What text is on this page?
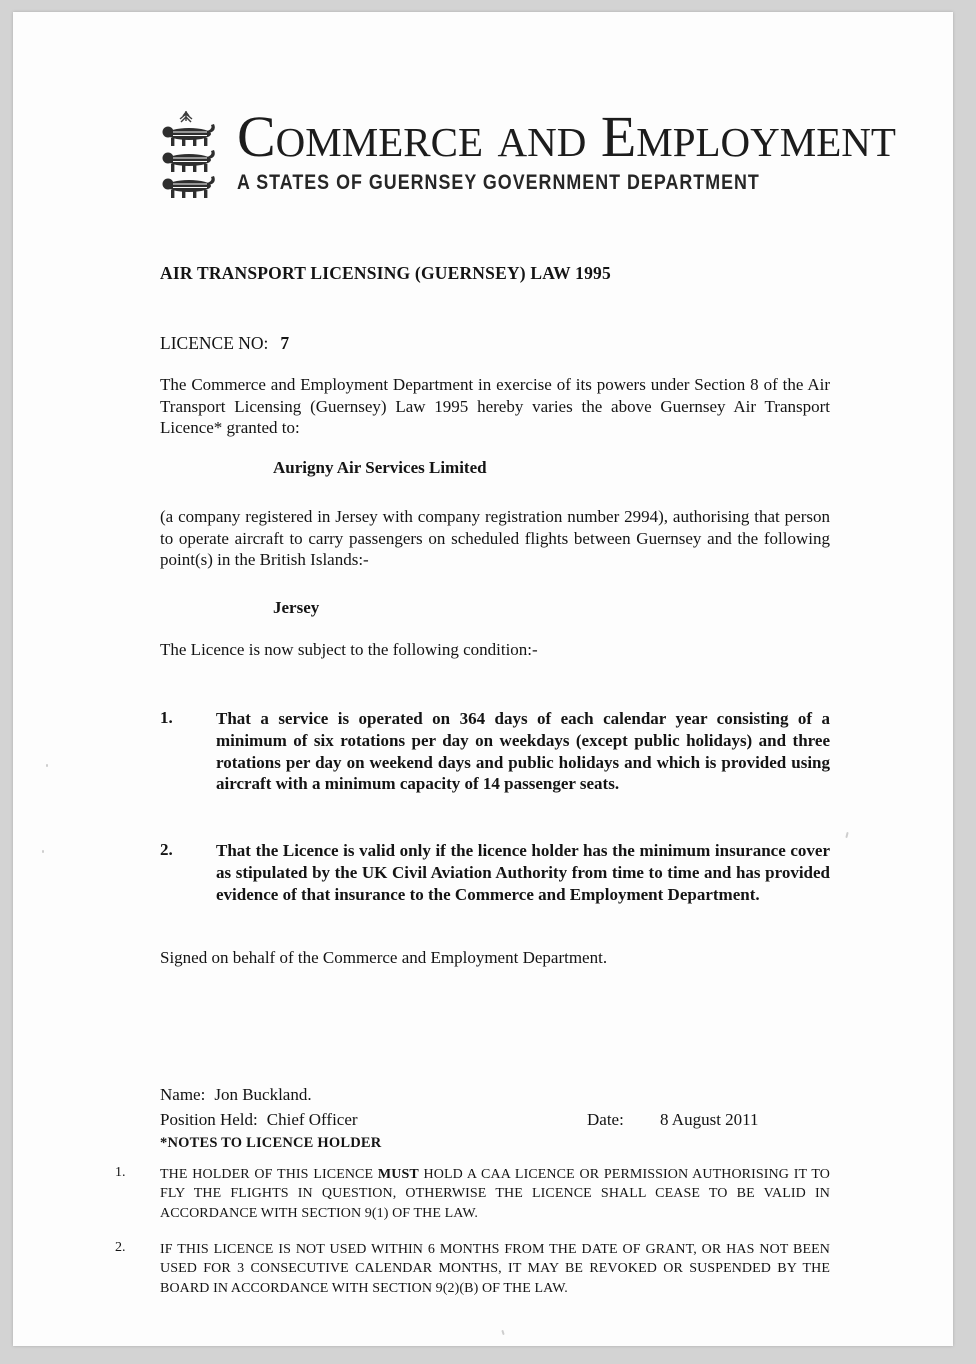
Commerce and Employment
A STATES OF GUERNSEY GOVERNMENT DEPARTMENT
AIR TRANSPORT LICENSING (GUERNSEY) LAW 1995
LICENCE NO: 7
The Commerce and Employment Department in exercise of its powers under Section 8 of the Air Transport Licensing (Guernsey) Law 1995 hereby varies the above Guernsey Air Transport Licence* granted to:
Aurigny Air Services Limited
(a company registered in Jersey with company registration number 2994), authorising that person to operate aircraft to carry passengers on scheduled flights between Guernsey and the following point(s) in the British Islands:-
Jersey
The Licence is now subject to the following condition:-
1.	That a service is operated on 364 days of each calendar year consisting of a minimum of six rotations per day on weekdays (except public holidays) and three rotations per day on weekend days and public holidays and which is provided using aircraft with a minimum capacity of 14 passenger seats.
2.	That the Licence is valid only if the licence holder has the minimum insurance cover as stipulated by the UK Civil Aviation Authority from time to time and has provided evidence of that insurance to the Commerce and Employment Department.
Signed on behalf of the Commerce and Employment Department.
Name: Jon Buckland.
Position Held: Chief Officer	Date: 8 August 2011
*NOTES TO LICENCE HOLDER
1. THE HOLDER OF THIS LICENCE MUST HOLD A CAA LICENCE OR PERMISSION AUTHORISING IT TO FLY THE FLIGHTS IN QUESTION, OTHERWISE THE LICENCE SHALL CEASE TO BE VALID IN ACCORDANCE WITH SECTION 9(1) OF THE LAW.
2. IF THIS LICENCE IS NOT USED WITHIN 6 MONTHS FROM THE DATE OF GRANT, OR HAS NOT BEEN USED FOR 3 CONSECUTIVE CALENDAR MONTHS, IT MAY BE REVOKED OR SUSPENDED BY THE BOARD IN ACCORDANCE WITH SECTION 9(2)(B) OF THE LAW.
